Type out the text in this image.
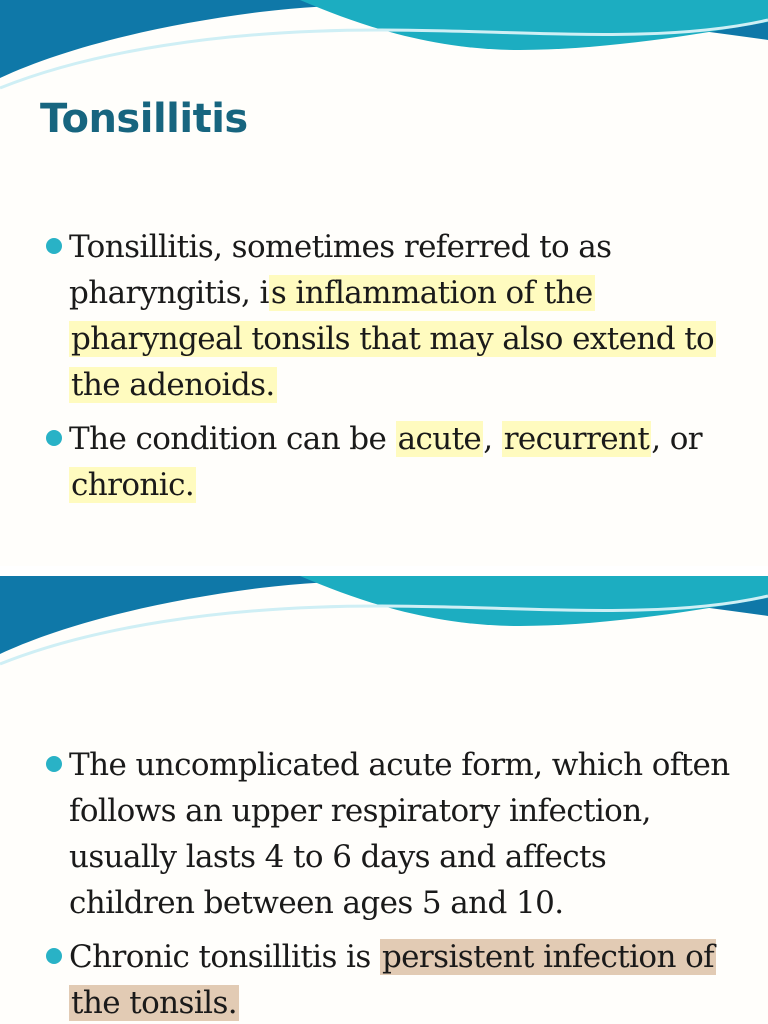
Tonsillitis
Tonsillitis, sometimes referred to as pharyngitis, is inflammation of the pharyngeal tonsils that may also extend to the adenoids.
The condition can be acute, recurrent, or chronic.
The uncomplicated acute form, which often follows an upper respiratory infection, usually lasts 4 to 6 days and affects children between ages 5 and 10.
Chronic tonsillitis is persistent infection of the tonsils.
